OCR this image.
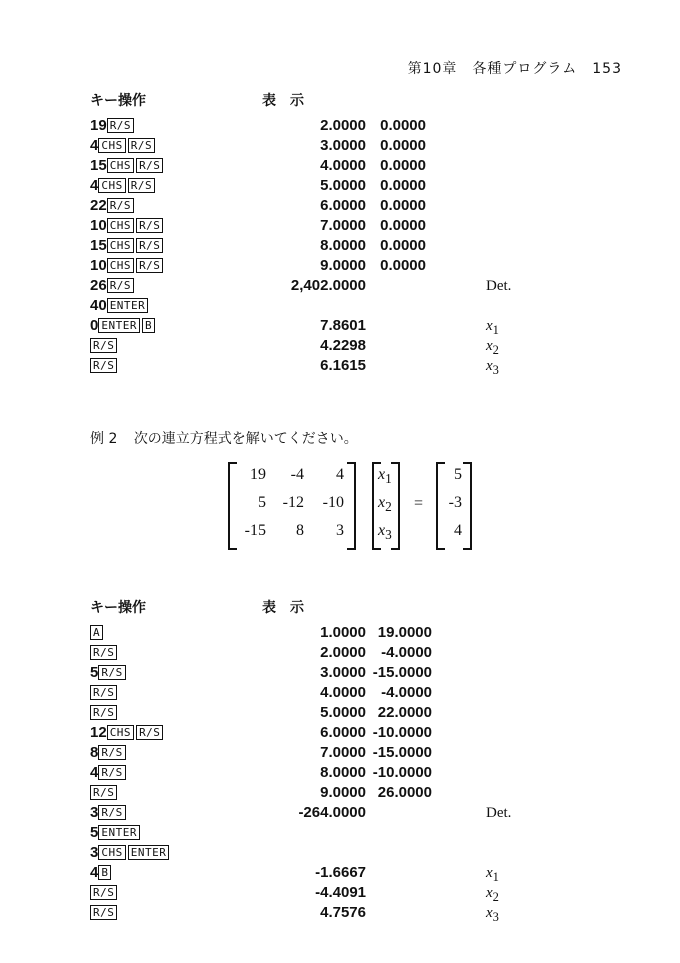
第10章　各種プログラム　153
キー操作	表　示
19 R/S	2.0000 0.0000
4 CHS R/S	3.0000 0.0000
15 CHS R/S	4.0000 0.0000
4 CHS R/S	5.0000 0.0000
22 R/S	6.0000 0.0000
10 CHS R/S	7.0000 0.0000
15 CHS R/S	8.0000 0.0000
10 CHS R/S	9.0000 0.0000
26 R/S	2,402.0000	Det.
40 ENTER
0 ENTER B	7.8601	$x_1$
R/S	4.2298	$x_2$
R/S	6.1615	$x_3$
例 2 次の連立方程式を解いてください。
19 -4 4
5 -12 -10
-15 8 3
$x_1$
$x_2$
$x_3$
=
5
-3
4
キー操作	表　示
A	1.0000 19.0000
R/S	2.0000	-4.0000
5 R/S	3.0000 -15.0000
R/S	4.0000	-4.0000
R/S	5.0000 22.0000
12 CHS R/S	6.0000 -10.0000
8 R/S	7.0000 -15.0000
4 R/S	8.0000 -10.0000
R/S	9.0000 26.0000
3 R/S	-264.0000	Det.
5 ENTER
3 CHS ENTER
4 B	-1.6667	$x_1$
R/S	-4.4091	$x_2$
R/S	4.7576	$x_3$
